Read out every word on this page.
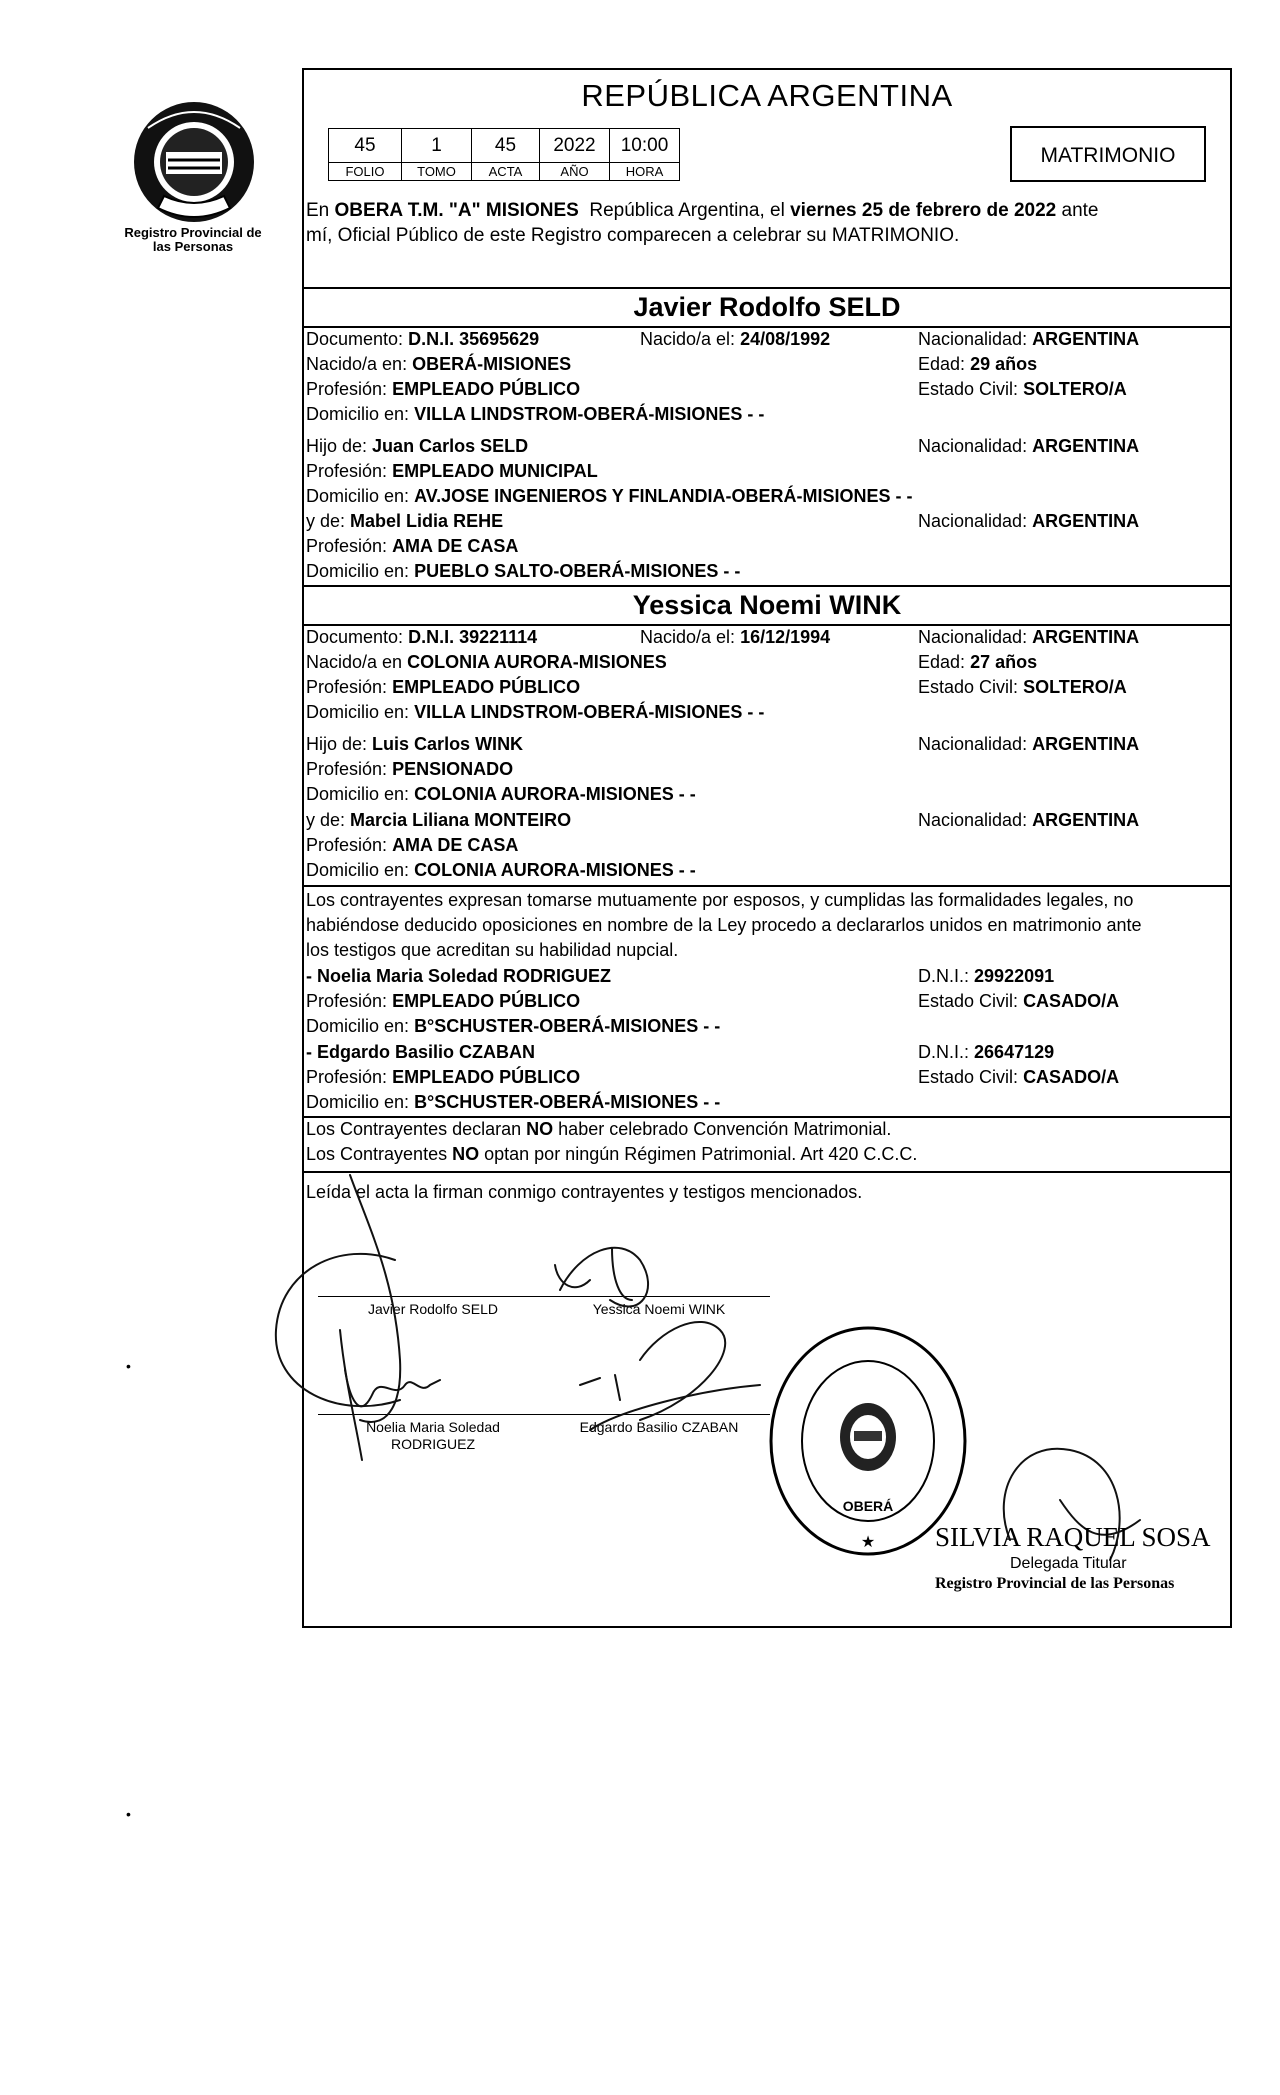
Registro Provincial de las Personas
REPÚBLICA ARGENTINA
45	1	45	2022	10:00
FOLIO	TOMO	ACTA	AÑO	HORA
MATRIMONIO
En OBERA T.M. "A" MISIONES República Argentina, el viernes 25 de febrero de 2022 ante
mí, Oficial Público de este Registro comparecen a celebrar su MATRIMONIO.
Javier Rodolfo SELD
Documento: D.N.I. 35695629	Nacido/a el: 24/08/1992	Nacionalidad: ARGENTINA
Nacido/a en: OBERÁ-MISIONES	Edad: 29 años
Profesión: EMPLEADO PÚBLICO	Estado Civil: SOLTERO/A
Domicilio en: VILLA LINDSTROM-OBERÁ-MISIONES - -
Hijo de: Juan Carlos SELD	Nacionalidad: ARGENTINA
Profesión: EMPLEADO MUNICIPAL
Domicilio en: AV.JOSE INGENIEROS Y FINLANDIA-OBERÁ-MISIONES - -
y de: Mabel Lidia REHE	Nacionalidad: ARGENTINA
Profesión: AMA DE CASA
Domicilio en: PUEBLO SALTO-OBERÁ-MISIONES - -
Yessica Noemi WINK
Documento: D.N.I. 39221114	Nacido/a el: 16/12/1994	Nacionalidad: ARGENTINA
Nacido/a en COLONIA AURORA-MISIONES	Edad: 27 años
Profesión: EMPLEADO PÚBLICO	Estado Civil: SOLTERO/A
Domicilio en: VILLA LINDSTROM-OBERÁ-MISIONES - -
Hijo de: Luis Carlos WINK	Nacionalidad: ARGENTINA
Profesión: PENSIONADO
Domicilio en: COLONIA AURORA-MISIONES - -
y de: Marcia Liliana MONTEIRO	Nacionalidad: ARGENTINA
Profesión: AMA DE CASA
Domicilio en: COLONIA AURORA-MISIONES - -
Los contrayentes expresan tomarse mutuamente por esposos, y cumplidas las formalidades legales, no
habiéndose deducido oposiciones en nombre de la Ley procedo a declararlos unidos en matrimonio ante
los testigos que acreditan su habilidad nupcial.
- Noelia Maria Soledad RODRIGUEZ	D.N.I.: 29922091
Profesión: EMPLEADO PÚBLICO	Estado Civil: CASADO/A
Domicilio en: B°SCHUSTER-OBERÁ-MISIONES - -
- Edgardo Basilio CZABAN	D.N.I.: 26647129
Profesión: EMPLEADO PÚBLICO	Estado Civil: CASADO/A
Domicilio en: B°SCHUSTER-OBERÁ-MISIONES - -
Los Contrayentes declaran NO haber celebrado Convención Matrimonial.
Los Contrayentes NO optan por ningún Régimen Patrimonial. Art 420 C.C.C.
Leída el acta la firman conmigo contrayentes y testigos mencionados.
Javier Rodolfo SELD	Yessica Noemi WINK
Noelia Maria Soledad
RODRIGUEZ
Edgardo Basilio CZABAN
★
OBERÁ
SILVIA RAQUEL SOSA
Delegada Titular
Registro Provincial de las Personas
•
•
